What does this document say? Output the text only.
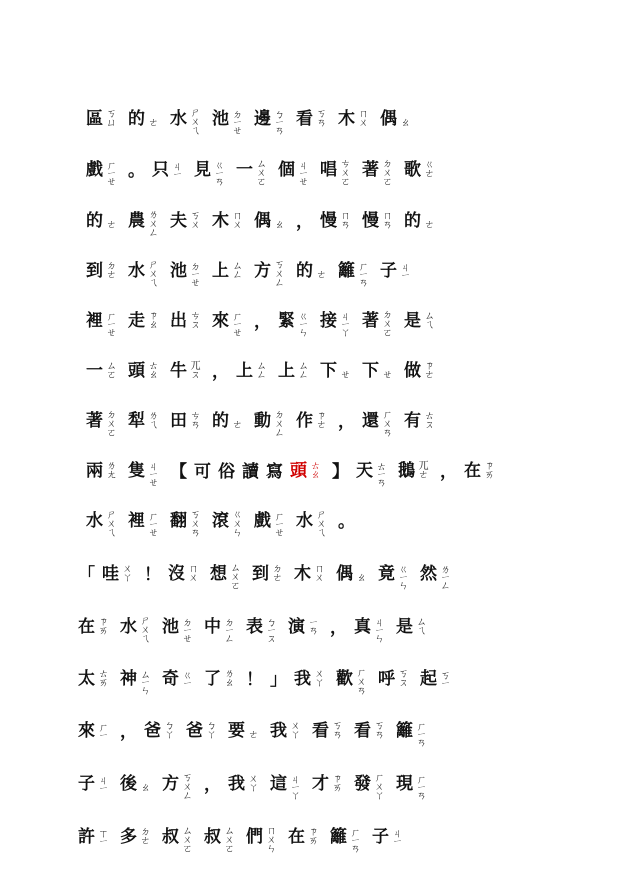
區 ㄎㄩ 的 ㄜ 水 ㄕㄨㄟ 池 ㄉㄧㄝ 邊 ㄅㄧㄢ 看 ㄎㄢ 木 ㄇㄨ 偶 ㄠ
戲 ㄏㄧㄝ 。 只 ㄐㄧ 見 ㄍㄧㄢ 一 ㄙㄨㄛ 個 ㄐㄧㄝ 唱 ㄘㄨㄛ 著 ㄉㄨㄛ 歌 ㄍㄜ
的 ㄜ 農 ㄌㄨㄥ 夫 ㄎㄨ 木 ㄇㄨ 偶 ㄠ ， 慢 ㄇㄢ 慢 ㄇㄢ 的 ㄜ
到 ㄉㄜ 水 ㄕㄨㄟ 池 ㄉㄧㄝ 上 ㄙㄥ 方 ㄎㄨㄥ 的 ㄜ 籬 ㄏㄧㄢ 子 ㄐㄧ
裡 ㄏㄧㄝ 走 ㄗㄠ 出 ㄘㄡ 來 ㄏㄧㄝ ， 緊 ㄍㄧㄣ 接 ㄐㄧㄚ 著 ㄉㄨㄛ 是 ㄙㄟ
一 ㄙㄛ 頭 ㄊㄠ 牛 ㄫㄡ ， 上 ㄙㄥ 上 ㄙㄥ 下 ㄝ 下 ㄝ 做 ㄗㄜ
著 ㄉㄨㄛ 犁 ㄌㄟ 田 ㄘㄢ 的 ㄜ 動 ㄉㄨㄥ 作 ㄗㄜ ， 還 ㄏㄨㄢ 有 ㄊㄡ
兩 ㄌㄤ 隻 ㄐㄧㄝ 【 可 俗 讀 寫 頭 ㄊㄠ 】 天 ㄊㄧㄢ 鵝 ㄫㄜ ， 在 ㄗㄞ
水 ㄕㄨㄟ 裡 ㄏㄧㄝ 翻 ㄎㄨㄢ 滾 ㄍㄨㄣ 戲 ㄏㄧㄝ 水 ㄕㄨㄟ 。
「 哇 ㄨㄚ ！ 沒 ㄇㄨ 想 ㄙㄨㄛ 到 ㄉㄜ 木 ㄇㄨ 偶 ㄠ 竟 ㄍㄧㄣ 然 ㄌㄧㄥ
在 ㄗㄞ 水 ㄕㄨㄟ 池 ㄉㄧㄝ 中 ㄉㄧㄥ 表 ㄅㄧㄡ 演 ㄧㄢ ， 真 ㄐㄧㄣ 是 ㄙㄟ
太 ㄊㄞ 神 ㄙㄧㄣ 奇 ㄍㄧ 了 ㄌㄠ ！ 」 我 ㄨㄚ 歡 ㄏㄨㄢ 呼 ㄎㄡ 起 ㄎㄧ
來 ㄏㄧ ， 爸 ㄅㄚ 爸 ㄅㄚ 要 ㄜ 我 ㄨㄚ 看 ㄎㄢ 看 ㄎㄢ 籬 ㄏㄧㄢ
子 ㄐㄧ 後 ㄠ 方 ㄎㄨㄥ ， 我 ㄨㄚ 這 ㄐㄧㄚ 才 ㄗㄞ 發 ㄏㄨㄚ 現 ㄏㄧㄢ
許 ㄒㄧ 多 ㄉㄜ 叔 ㄙㄨㄛ 叔 ㄙㄨㄛ 們 ㄇㄨㄣ 在 ㄗㄞ 籬 ㄏㄧㄢ 子 ㄐㄧ
